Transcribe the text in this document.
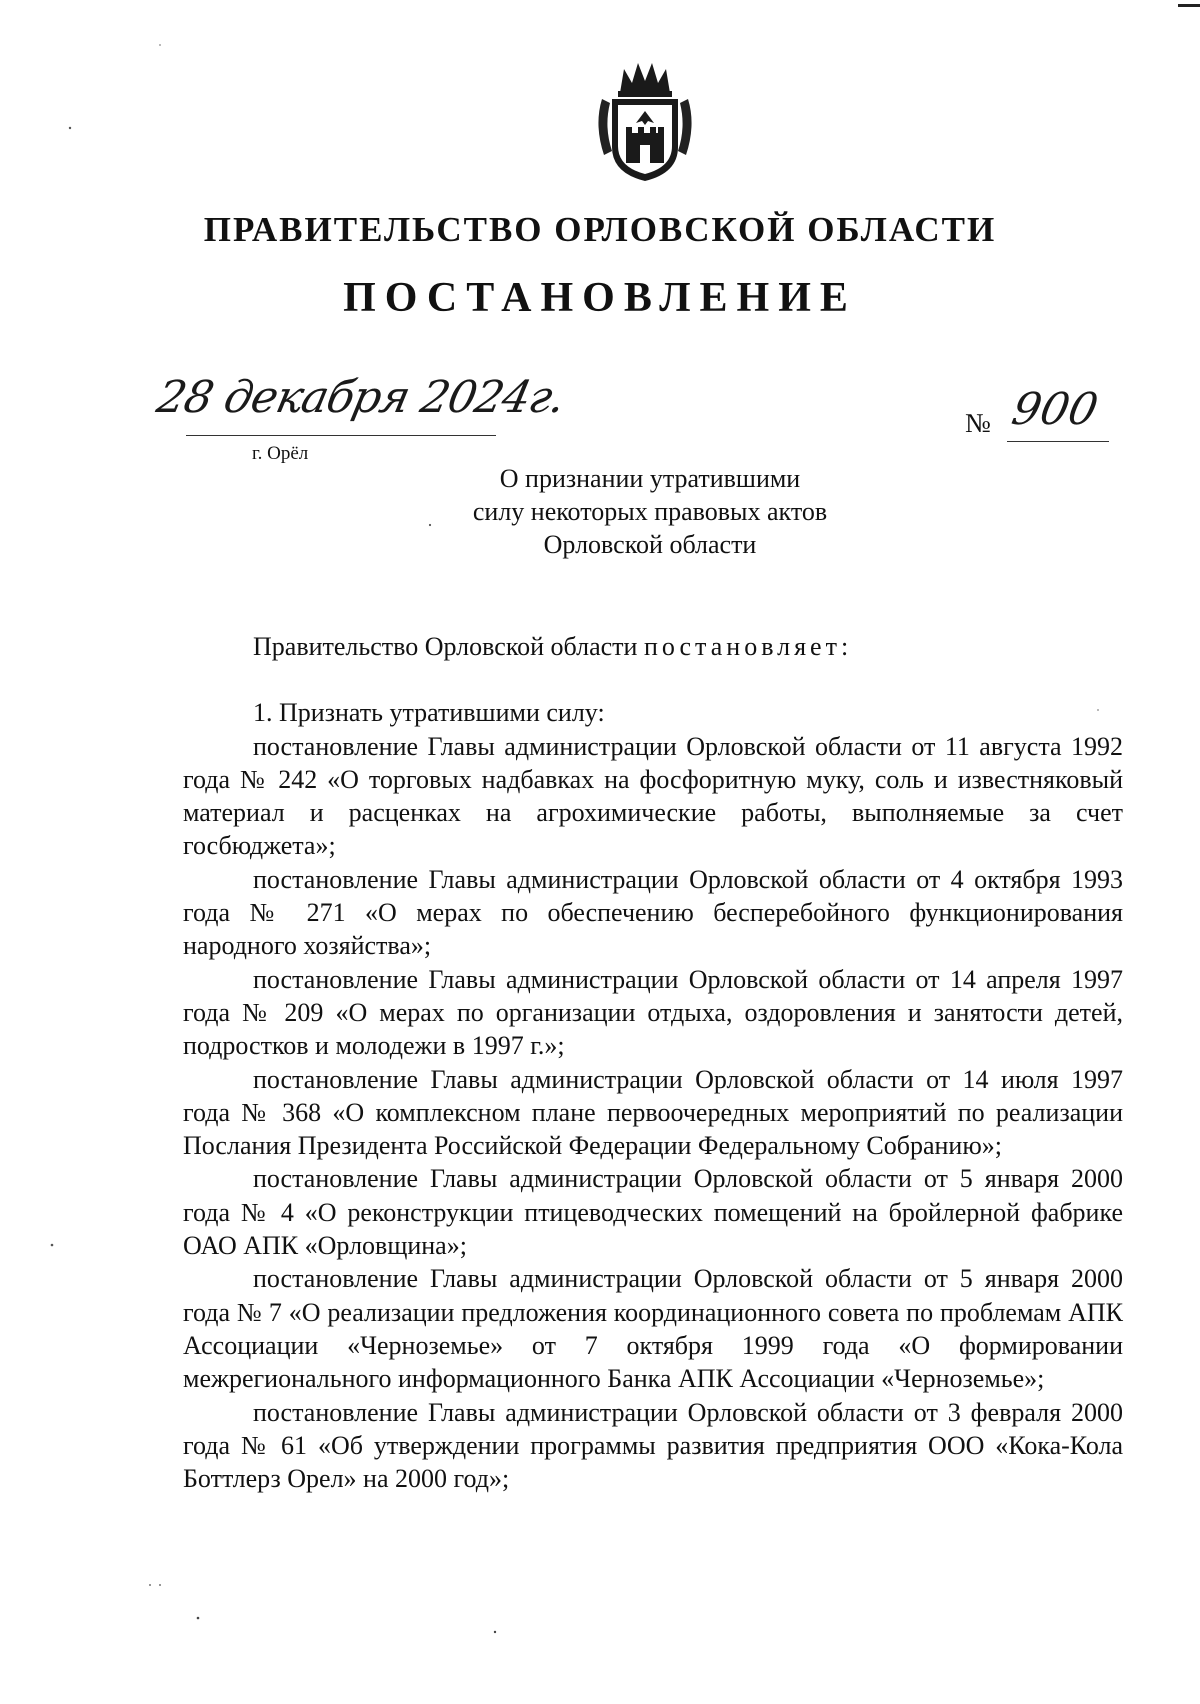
ПРАВИТЕЛЬСТВО ОРЛОВСКОЙ ОБЛАСТИ
ПОСТАНОВЛЕНИЕ
28 декабря 2024г.
г. Орёл
№ 900
О признании утратившими
силу некоторых правовых актов
Орловской области

Правительство Орловской области постановляет:

1. Признать утратившими силу:

постановление Главы администрации Орловской области от 11 августа 1992 года № 242 «О торговых надбавках на фосфоритную муку, соль и известняковый материал и расценках на агрохимические работы, выполняемые за счет госбюджета»;

постановление Главы администрации Орловской области от 4 октября 1993 года № 271 «О мерах по обеспечению бесперебойного функционирования народного хозяйства»;

постановление Главы администрации Орловской области от 14 апреля 1997 года № 209 «О мерах по организации отдыха, оздоровления и занятости детей, подростков и молодежи в 1997 г.»;

постановление Главы администрации Орловской области от 14 июля 1997 года № 368 «О комплексном плане первоочередных мероприятий по реализации Послания Президента Российской Федерации Федеральному Собранию»;

постановление Главы администрации Орловской области от 5 января 2000 года № 4 «О реконструкции птицеводческих помещений на бройлерной фабрике ОАО АПК «Орловщина»;

постановление Главы администрации Орловской области от 5 января 2000 года № 7 «О реализации предложения координационного совета по проблемам АПК Ассоциации «Черноземье» от 7 октября 1999 года «О формировании межрегионального информационного Банка АПК Ассоциации «Черноземье»;

постановление Главы администрации Орловской области от 3 февраля 2000 года № 61 «Об утверждении программы развития предприятия ООО «Кока-Кола Боттлерз Орел» на 2000 год»;
